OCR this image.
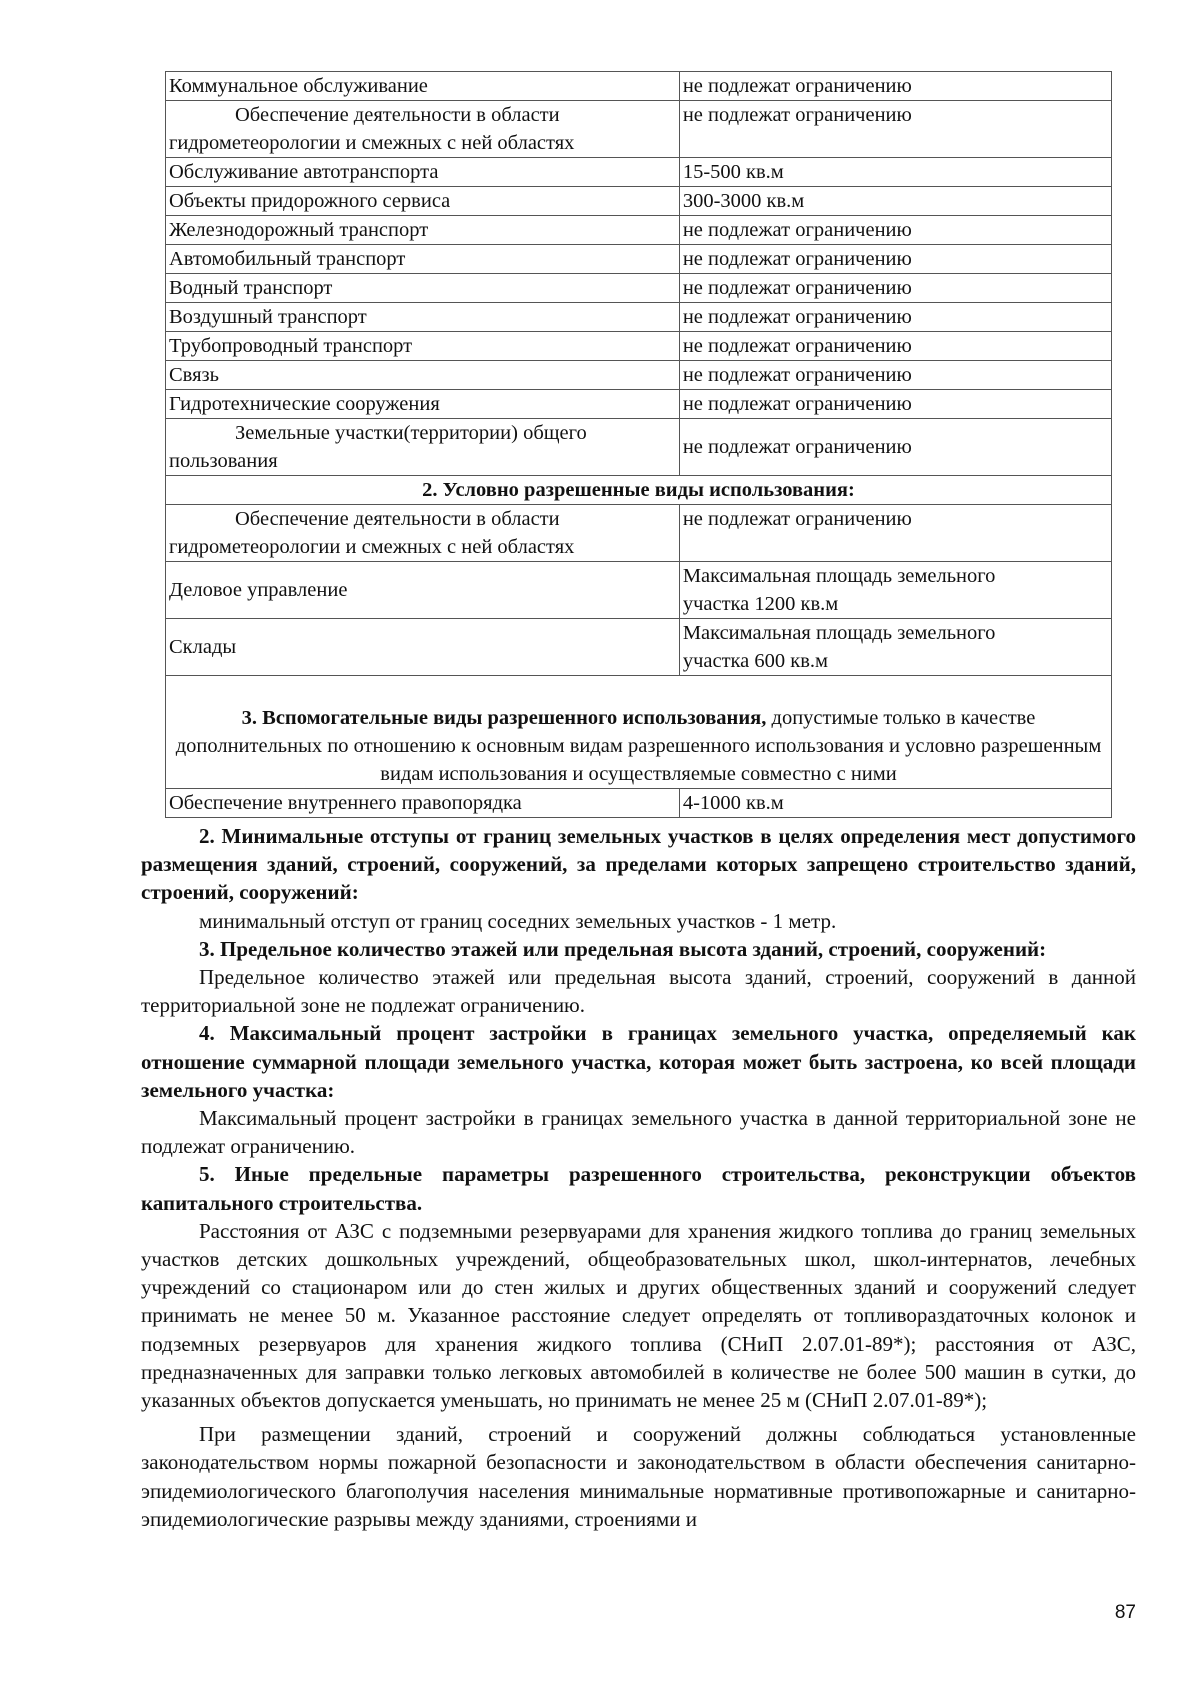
Коммунальное обслуживание	не подлежат ограничению

Обеспечение деятельности в области
гидрометеорологии и смежных с ней областях	не подлежат ограничению
Обслуживание автотранспорта	15-500 кв.м
Объекты придорожного сервиса	300-3000 кв.м
Железнодорожный транспорт	не подлежат ограничению
Автомобильный транспорт	не подлежат ограничению
Водный транспорт	не подлежат ограничению
Воздушный транспорт	не подлежат ограничению
Трубопроводный транспорт	не подлежат ограничению
Связь	не подлежат ограничению
Гидротехнические сооружения	не подлежат ограничению

Земельные участки(территории) общего
пользования	не подлежат ограничению
2. Условно разрешенные виды использования:	

Обеспечение деятельности в области
гидрометеорологии и смежных с ней областях	не подлежат ограничению
Деловое управление	Максимальная площадь земельного
участка 1200 кв.м

Склады	Максимальная площадь земельного
участка 600 кв.м

3. Вспомогательные виды разрешенного использования, допустимые только в качестве дополнительных по отношению к основным видам разрешенного использования и условно разрешенным видам использования и осуществляемые совместно с ними	
Обеспечение внутреннего правопорядка	4-1000 кв.м

2. Минимальные отступы от границ земельных участков в целях определения мест допустимого размещения зданий, строений, сооружений, за пределами которых запрещено строительство зданий, строений, сооружений:

минимальный отступ от границ соседних земельных участков - 1 метр.

3. Предельное количество этажей или предельная высота зданий, строений, сооружений:

Предельное количество этажей или предельная высота зданий, строений, сооружений в данной территориальной зоне не подлежат ограничению.

4. Максимальный процент застройки в границах земельного участка, определяемый как отношение суммарной площади земельного участка, которая может быть застроена, ко всей площади земельного участка:

Максимальный процент застройки в границах земельного участка в данной территориальной зоне не подлежат ограничению.

5. Иные предельные параметры разрешенного строительства, реконструкции объектов капитального строительства.

Расстояния от АЗС с подземными резервуарами для хранения жидкого топлива до границ земельных участков детских дошкольных учреждений, общеобразовательных школ, школ-интернатов, лечебных учреждений со стационаром или до стен жилых и других общественных зданий и сооружений следует принимать не менее 50 м. Указанное расстояние следует определять от топливораздаточных колонок и подземных резервуаров для хранения жидкого топлива (СНиП 2.07.01-89*); расстояния от АЗС, предназначенных для заправки только легковых автомобилей в количестве не более 500 машин в сутки, до указанных объектов допускается уменьшать, но принимать не менее 25 м (СНиП 2.07.01-89*);

При размещении зданий, строений и сооружений должны соблюдаться установленные законодательством нормы пожарной безопасности и законодательством в области обеспечения санитарно-эпидемиологического благополучия населения минимальные нормативные противопожарные и санитарно-эпидемиологические разрывы между зданиями, строениями и

87
